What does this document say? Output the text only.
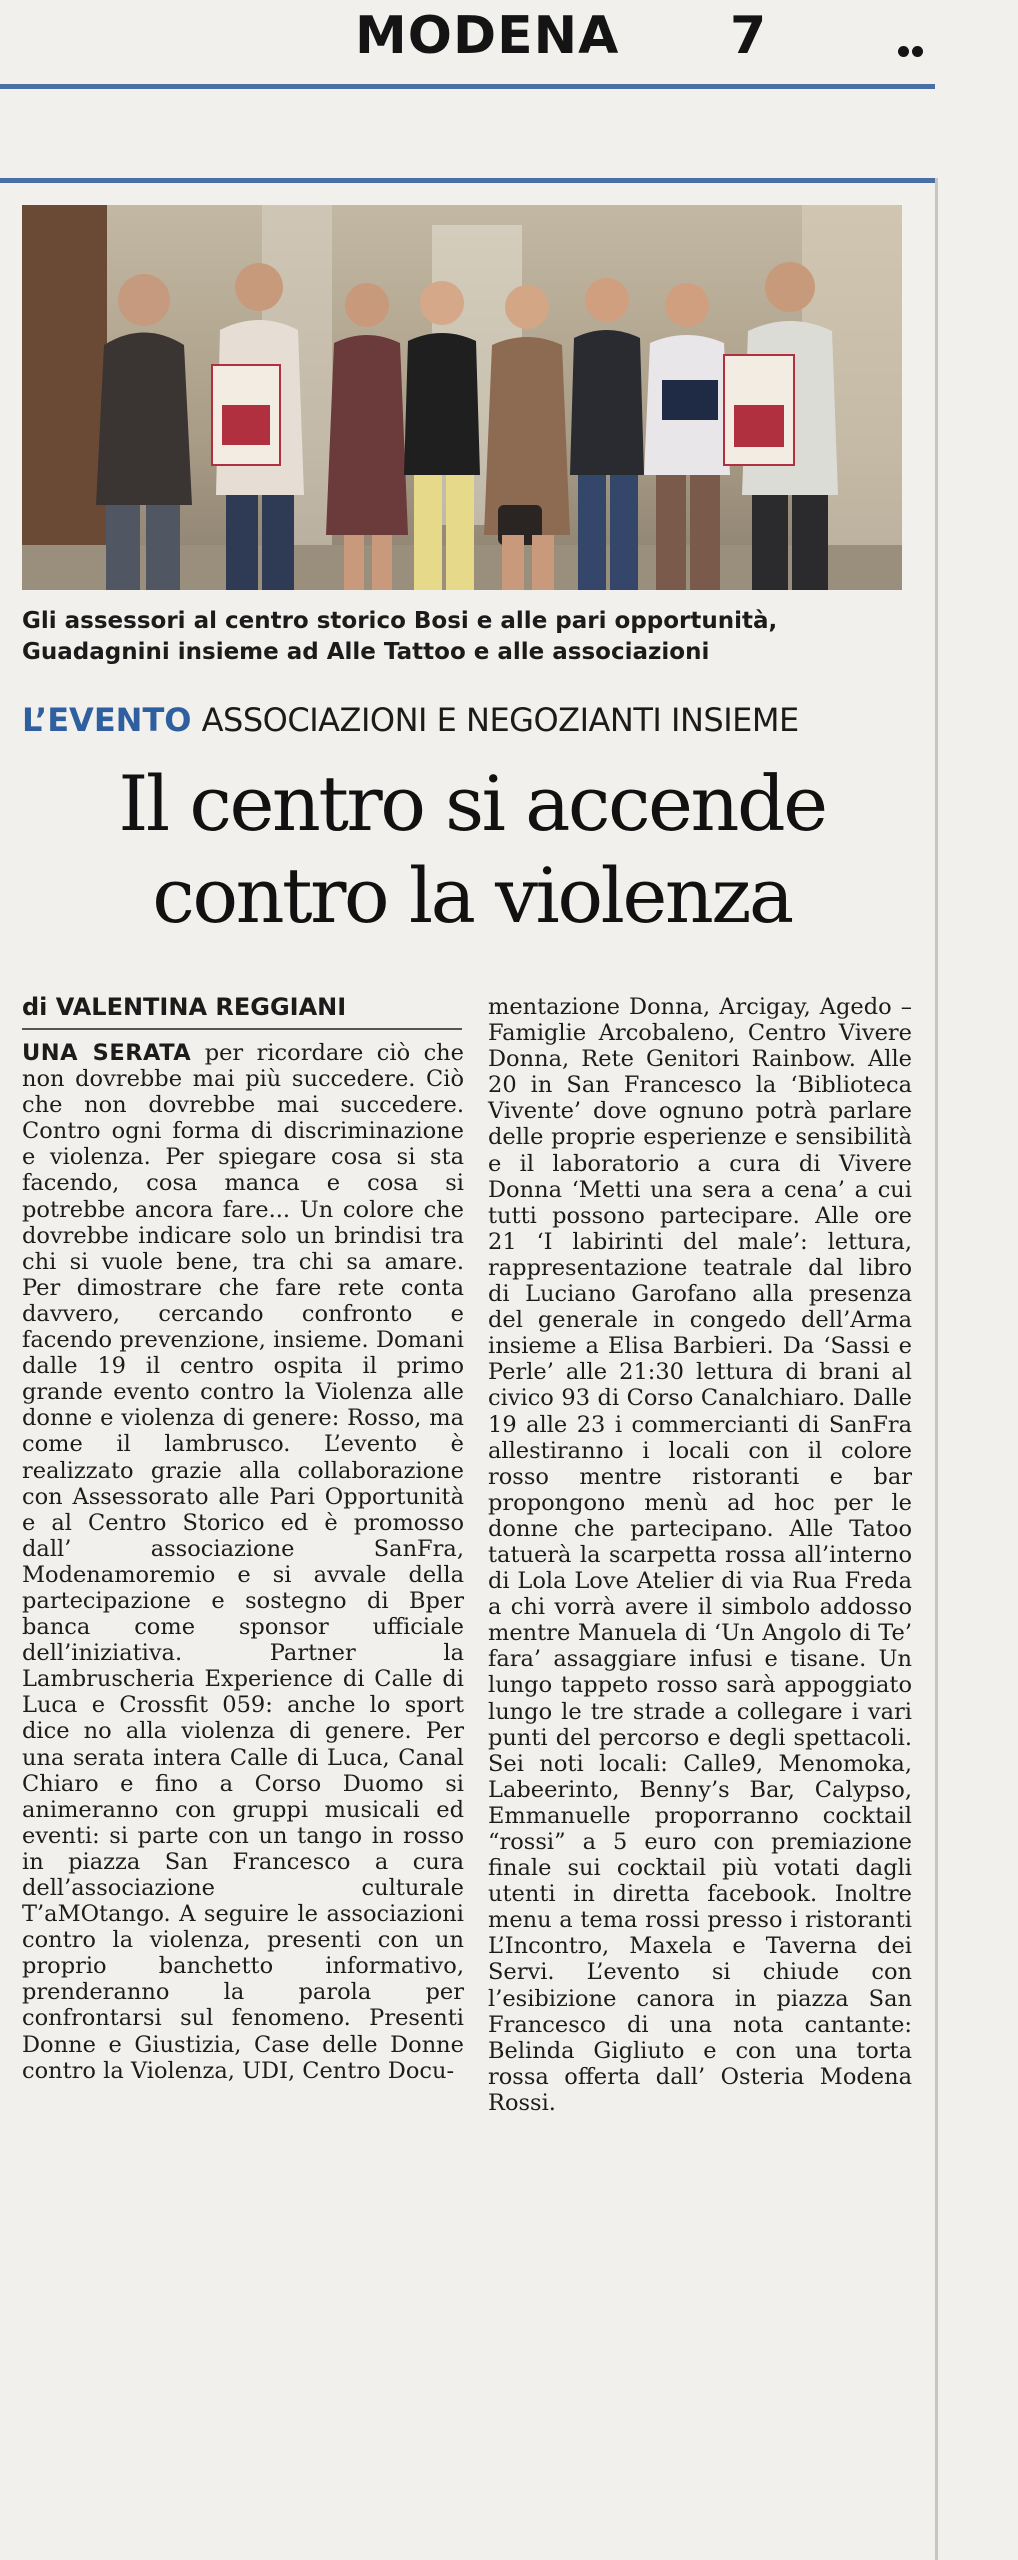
MODENA 7
Gli assessori al centro storico Bosi e alle pari opportunità,
Guadagnini insieme ad Alle Tattoo e alle associazioni
L’EVENTO ASSOCIAZIONI E NEGOZIANTI INSIEME
Il centro si accende
contro la violenza
di VALENTINA REGGIANI

UNA SERATA per ricordare ciò che non dovrebbe mai più succedere. Ciò che non dovrebbe mai succedere. Contro ogni forma di discriminazione e violenza. Per spiegare cosa si sta facendo, cosa manca e cosa si potrebbe ancora fare... Un colore che dovrebbe indicare solo un brindisi tra chi si vuole bene, tra chi sa amare. Per dimostrare che fare rete conta davvero, cercando confronto e facendo prevenzione, insieme. Domani dalle 19 il centro ospita il primo grande evento contro la Violenza alle donne e violenza di genere: Rosso, ma come il lambrusco. L’evento è realizzato grazie alla collaborazione con Assessorato alle Pari Opportunità e al Centro Storico ed è promosso dall’ associazione SanFra, Modenamoremio e si avvale della partecipazione e sostegno di Bper banca come sponsor ufficiale dell’iniziativa. Partner la Lambruscheria Experience di Calle di Luca e Crossfit 059: anche lo sport dice no alla violenza di genere. Per una serata intera Calle di Luca, Canal Chiaro e fino a Corso Duomo si animeranno con gruppi musicali ed eventi: si parte con un tango in rosso in piazza San Francesco a cura dell’associazione culturale T’aMOtango. A seguire le associazioni contro la violenza, presenti con un proprio banchetto informativo, prenderanno la parola per confrontarsi sul fenomeno. Presenti Donne e Giustizia, Case delle Donne contro la Violenza, UDI, Centro Docu-

mentazione Donna, Arcigay, Agedo – Famiglie Arcobaleno, Centro Vivere Donna, Rete Genitori Rainbow. Alle 20 in San Francesco la ‘Biblioteca Vivente’ dove ognuno potrà parlare delle proprie esperienze e sensibilità e il laboratorio a cura di Vivere Donna ‘Metti una sera a cena’ a cui tutti possono partecipare. Alle ore 21 ‘I labirinti del male’: lettura, rappresentazione teatrale dal libro di Luciano Garofano alla presenza del generale in congedo dell’Arma insieme a Elisa Barbieri. Da ‘Sassi e Perle’ alle 21:30 lettura di brani al civico 93 di Corso Canalchiaro. Dalle 19 alle 23 i commercianti di SanFra allestiranno i locali con il colore rosso mentre ristoranti e bar propongono menù ad hoc per le donne che partecipano. Alle Tatoo tatuerà la scarpetta rossa all’interno di Lola Love Atelier di via Rua Freda a chi vorrà avere il simbolo addosso mentre Manuela di ‘Un Angolo di Te’ fara’ assaggiare infusi e tisane. Un lungo tappeto rosso sarà appoggiato lungo le tre strade a collegare i vari punti del percorso e degli spettacoli. Sei noti locali: Calle9, Menomoka, Labeerinto, Benny’s Bar, Calypso, Emmanuelle proporranno cocktail “rossi” a 5 euro con premiazione finale sui cocktail più votati dagli utenti in diretta facebook. Inoltre menu a tema rossi presso i ristoranti L’Incontro, Maxela e Taverna dei Servi. L’evento si chiude con l’esibizione canora in piazza San Francesco di una nota cantante: Belinda Gigliuto e con una torta rossa offerta dall’ Osteria Modena Rossi.
